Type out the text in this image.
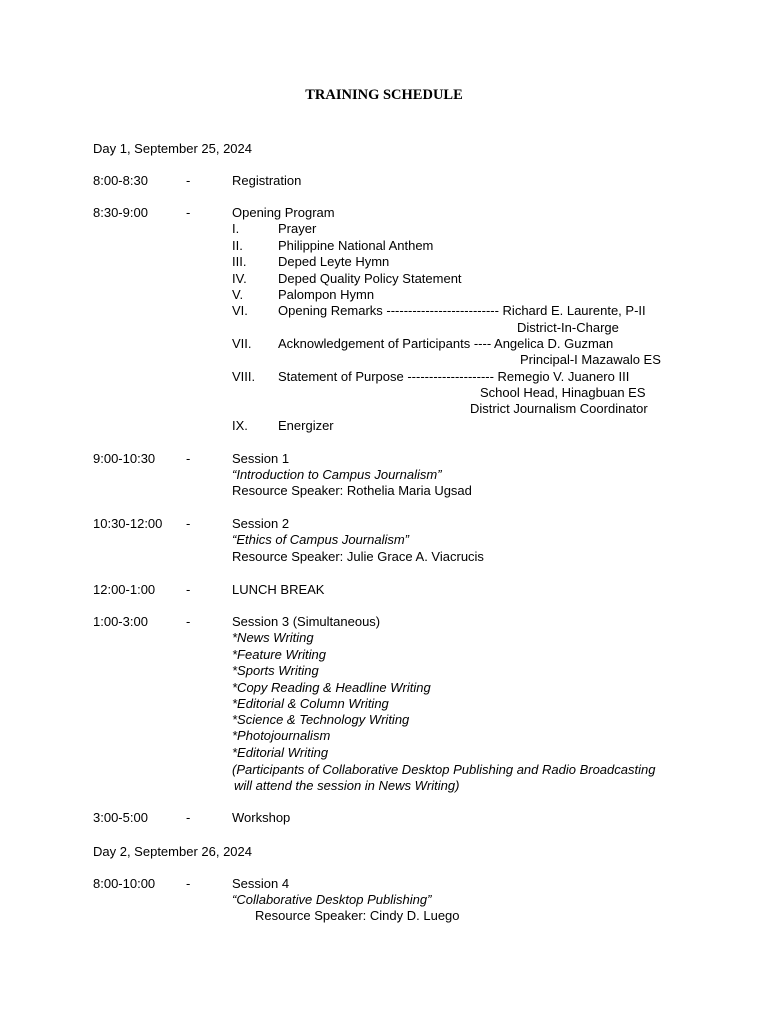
TRAINING SCHEDULE
Day 1, September 25, 2024
8:00-8:30	-	Registration
8:30-9:00	-	Opening Program
I.	Prayer
II.	Philippine National Anthem
III. Deped Leyte Hymn
IV. Deped Quality Policy Statement
V.	Palompon Hymn
VI. Opening Remarks -------------------------- Richard E. Laurente, P-II
District-In-Charge
VII. Acknowledgement of Participants ---- Angelica D. Guzman
Principal-I Mazawalo ES
VIII. Statement of Purpose -------------------- Remegio V. Juanero III
School Head, Hinagbuan ES
District Journalism Coordinator
IX. Energizer
9:00-10:30 -	Session 1
“Introduction to Campus Journalism”
Resource Speaker: Rothelia Maria Ugsad
10:30-12:00 -	Session 2
“Ethics of Campus Journalism”
Resource Speaker: Julie Grace A. Viacrucis
12:00-1:00 -	LUNCH BREAK
1:00-3:00	-	Session 3 (Simultaneous)
*News Writing
*Feature Writing
*Sports Writing
*Copy Reading & Headline Writing
*Editorial & Column Writing
*Science & Technology Writing
*Photojournalism
*Editorial Writing
(Participants of Collaborative Desktop Publishing and Radio Broadcasting
will attend the session in News Writing)
3:00-5:00	-	Workshop
Day 2, September 26, 2024
8:00-10:00 -	Session 4
“Collaborative Desktop Publishing”
Resource Speaker: Cindy D. Luego
